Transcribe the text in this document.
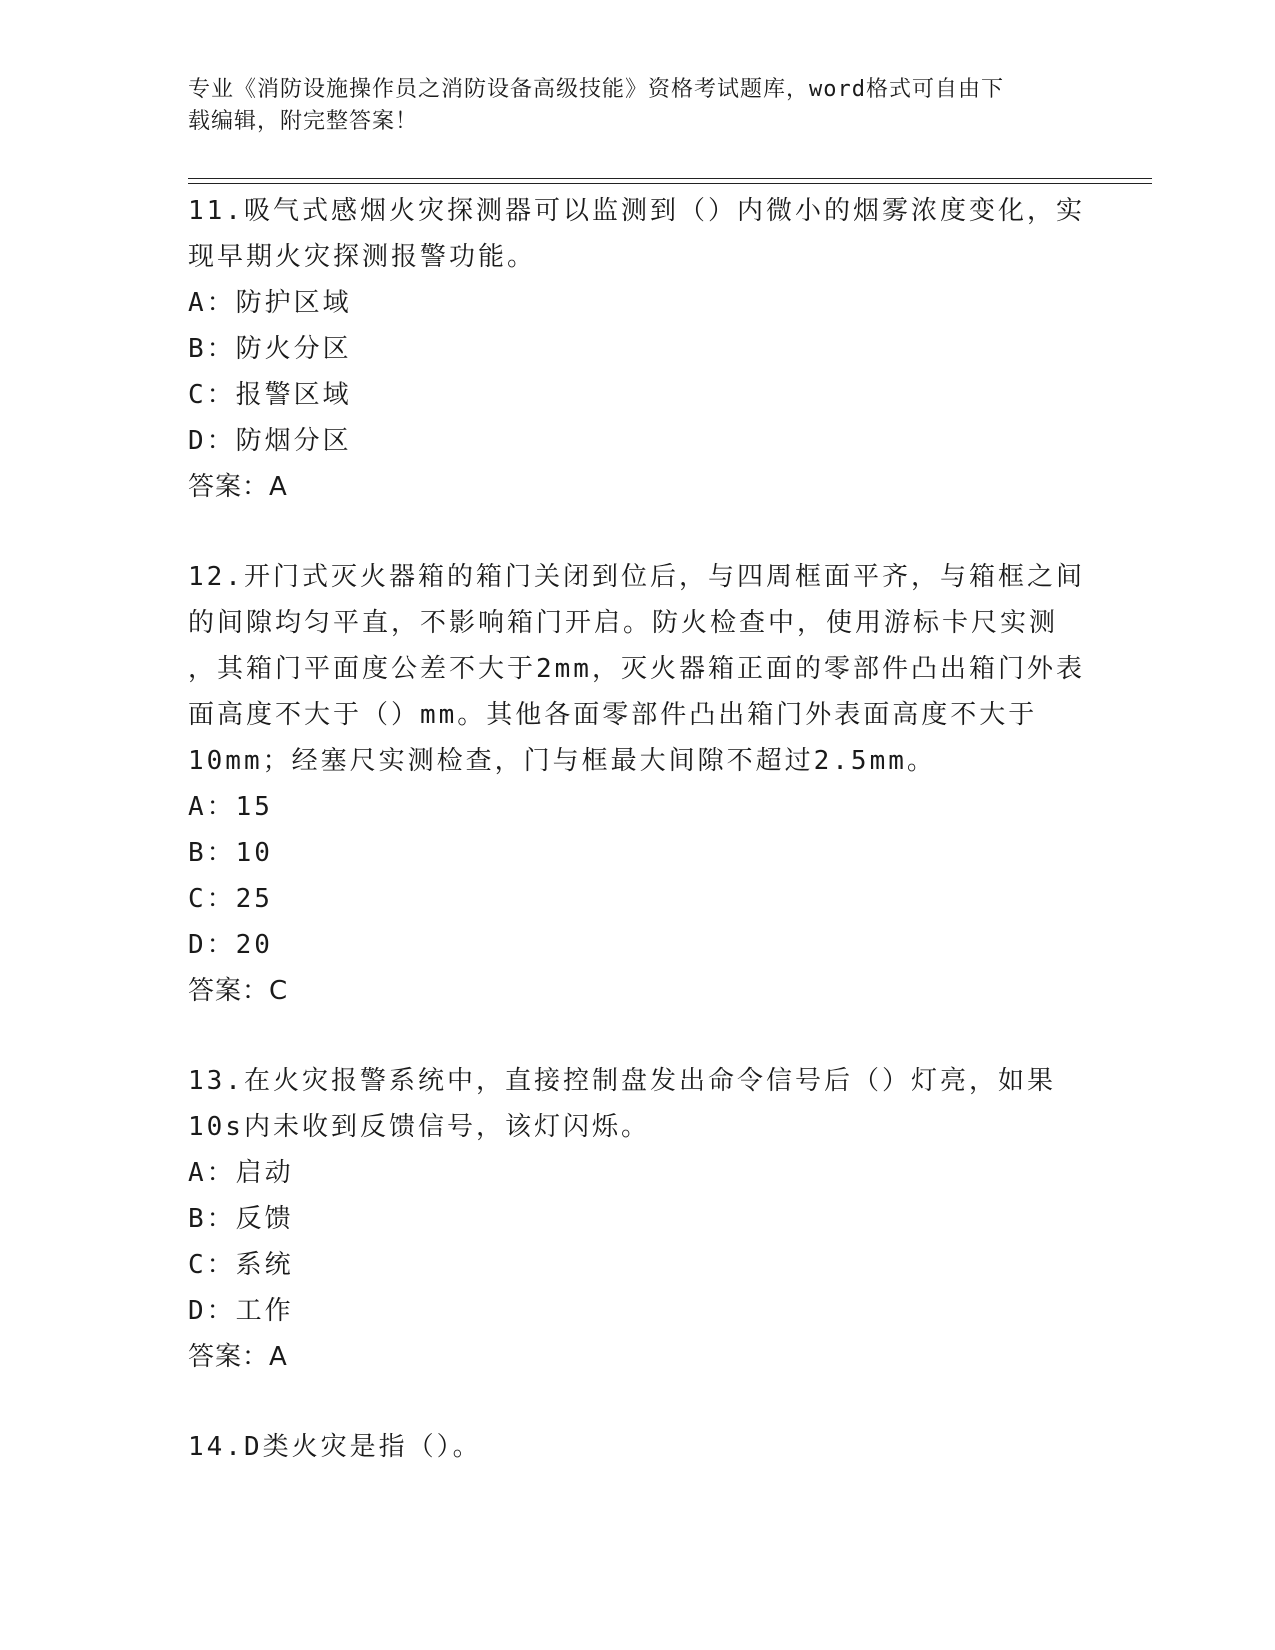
专业《消防设施操作员之消防设备高级技能》资格考试题库，word格式可自由下
载编辑，附完整答案！
11.吸气式感烟火灾探测器可以监测到（）内微小的烟雾浓度变化，实
现早期火灾探测报警功能。
A：防护区域
B：防火分区
C：报警区域
D：防烟分区
答案：A
12.开门式灭火器箱的箱门关闭到位后，与四周框面平齐，与箱框之间
的间隙均匀平直，不影响箱门开启。防火检查中，使用游标卡尺实测
，其箱门平面度公差不大于2mm，灭火器箱正面的零部件凸出箱门外表
面高度不大于（）mm。其他各面零部件凸出箱门外表面高度不大于
10mm；经塞尺实测检查，门与框最大间隙不超过2.5mm。
A：15
B：10
C：25
D：20
答案：C
13.在火灾报警系统中，直接控制盘发出命令信号后（）灯亮，如果
10s内未收到反馈信号，该灯闪烁。
A：启动
B：反馈
C：系统
D：工作
答案：A
14.D类火灾是指（）。
